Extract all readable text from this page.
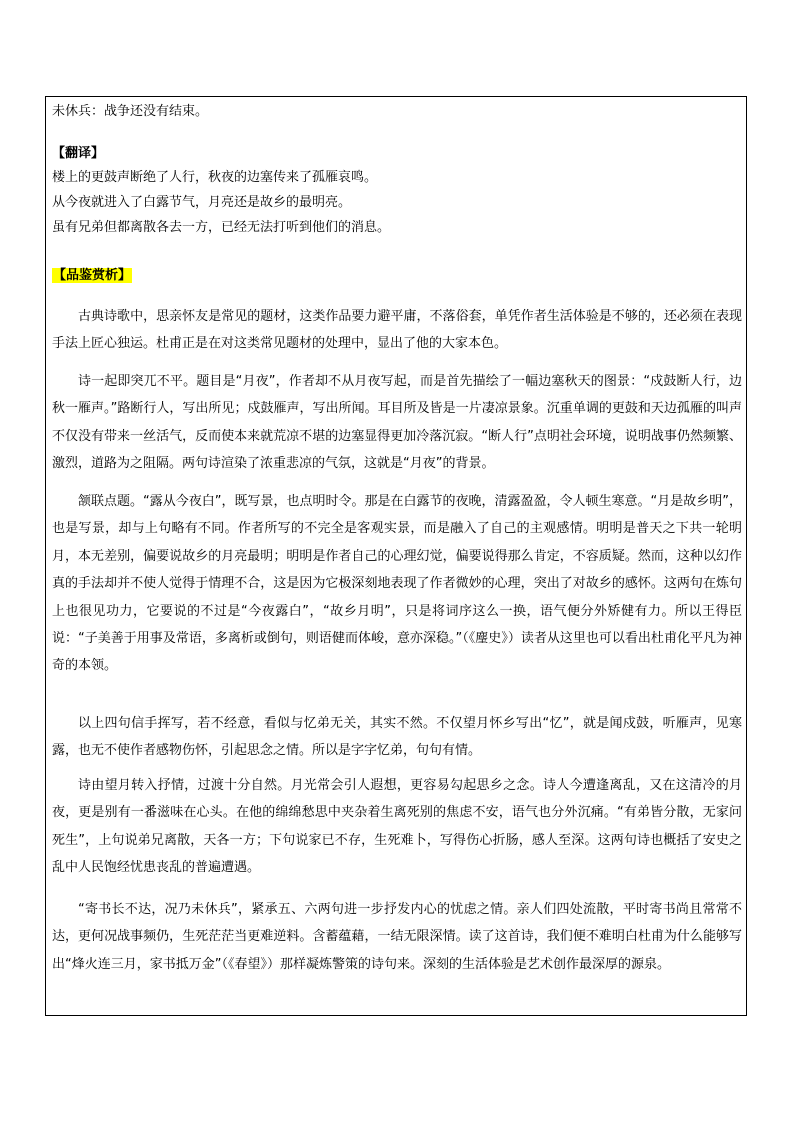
未休兵：战争还没有结束。
【翻译】
楼上的更鼓声断绝了人行，秋夜的边塞传来了孤雁哀鸣。
从今夜就进入了白露节气，月亮还是故乡的最明亮。
虽有兄弟但都离散各去一方，已经无法打听到他们的消息。
【品鉴赏析】

古典诗歌中，思亲怀友是常见的题材，这类作品要力避平庸，不落俗套，单凭作者生活体验是不够的，还必须在表现手法上匠心独运。杜甫正是在对这类常见题材的处理中，显出了他的大家本色。

诗一起即突兀不平。题目是“月夜”，作者却不从月夜写起，而是首先描绘了一幅边塞秋天的图景：“戍鼓断人行，边秋一雁声。”路断行人，写出所见；戍鼓雁声，写出所闻。耳目所及皆是一片凄凉景象。沉重单调的更鼓和天边孤雁的叫声不仅没有带来一丝活气，反而使本来就荒凉不堪的边塞显得更加冷落沉寂。“断人行”点明社会环境，说明战事仍然频繁、激烈，道路为之阻隔。两句诗渲染了浓重悲凉的气氛，这就是“月夜”的背景。

颔联点题。“露从今夜白”，既写景，也点明时令。那是在白露节的夜晚，清露盈盈，令人顿生寒意。“月是故乡明”，也是写景，却与上句略有不同。作者所写的不完全是客观实景，而是融入了自己的主观感情。明明是普天之下共一轮明月，本无差别，偏要说故乡的月亮最明；明明是作者自己的心理幻觉，偏要说得那么肯定，不容质疑。然而，这种以幻作真的手法却并不使人觉得于情理不合，这是因为它极深刻地表现了作者微妙的心理，突出了对故乡的感怀。这两句在炼句上也很见功力，它要说的不过是“今夜露白”，“故乡月明”，只是将词序这么一换，语气便分外矫健有力。所以王得臣说：“子美善于用事及常语，多离析或倒句，则语健而体峻，意亦深稳。”（《麈史》）读者从这里也可以看出杜甫化平凡为神奇的本领。

以上四句信手挥写，若不经意，看似与忆弟无关，其实不然。不仅望月怀乡写出“忆”，就是闻戍鼓，听雁声，见寒露，也无不使作者感物伤怀，引起思念之情。所以是字字忆弟，句句有情。

诗由望月转入抒情，过渡十分自然。月光常会引人遐想，更容易勾起思乡之念。诗人今遭逢离乱，又在这清冷的月夜，更是别有一番滋味在心头。在他的绵绵愁思中夹杂着生离死别的焦虑不安，语气也分外沉痛。“有弟皆分散，无家问死生”，上句说弟兄离散，天各一方；下句说家已不存，生死难卜，写得伤心折肠，感人至深。这两句诗也概括了安史之乱中人民饱经忧患丧乱的普遍遭遇。

“寄书长不达，况乃未休兵”，紧承五、六两句进一步抒发内心的忧虑之情。亲人们四处流散，平时寄书尚且常常不达，更何况战事频仍，生死茫茫当更难逆料。含蓄蕴藉，一结无限深情。读了这首诗，我们便不难明白杜甫为什么能够写出“烽火连三月，家书抵万金”（《春望》）那样凝炼警策的诗句来。深刻的生活体验是艺术创作最深厚的源泉。
